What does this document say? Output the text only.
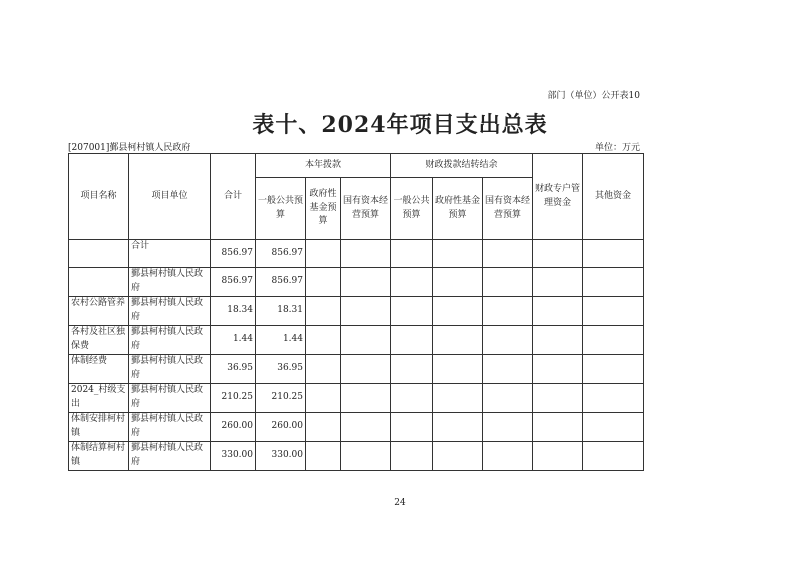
部门（单位）公开表10
表十、2024年项目支出总表
[207001]鄞县柯村镇人民政府	单位：万元
项目名称	项目单位	合计	本年拨款			财政拨款结转结余			财政专户管理资金	其他资金
			一般公共预算	政府性基金预算	国有资本经营预算	一般公共预算	政府性基金预算	国有资本经营预算		
	合计	856.97	856.97							
	鄞县柯村镇人民政府	856.97	856.97							
农村公路管养	鄞县柯村镇人民政府	18.34	18.31							
各村及社区独保费	鄞县柯村镇人民政府	1.44	1.44							
体制经费	鄞县柯村镇人民政府	36.95	36.95							
2024_村级支出	鄞县柯村镇人民政府	210.25	210.25							
体制安排柯村镇	鄞县柯村镇人民政府	260.00	260.00							
体制结算柯村镇	鄞县柯村镇人民政府	330.00	330.00							
24
